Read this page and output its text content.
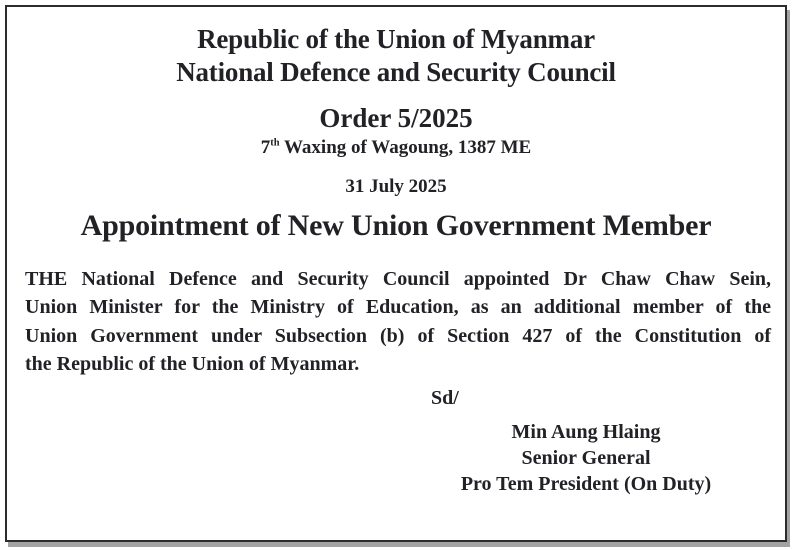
Republic of the Union of Myanmar
National Defence and Security Council
Order 5/2025
7th Waxing of Wagoung, 1387 ME
31 July 2025
Appointment of New Union Government Member
THE National Defence and Security Council appointed Dr Chaw Chaw Sein,
Union Minister for the Ministry of Education, as an additional member of the
Union Government under Subsection (b) of Section 427 of the Constitution of
the Republic of the Union of Myanmar.
Sd/
Min Aung Hlaing
Senior General
Pro Tem President (On Duty)
